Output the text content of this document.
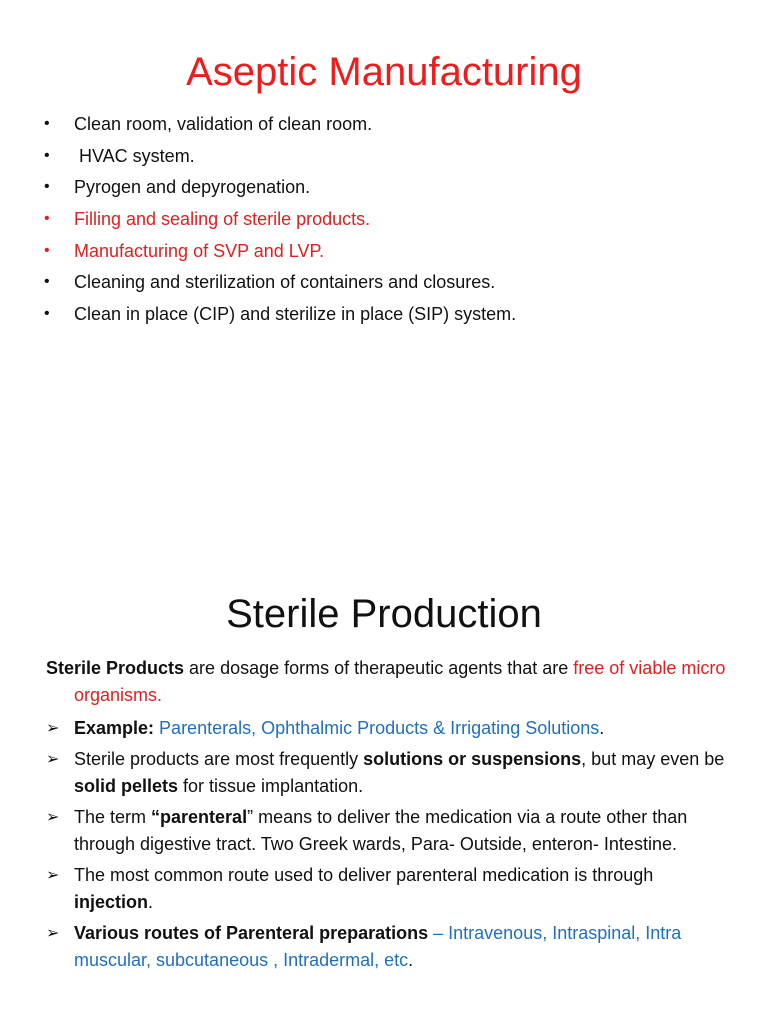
Aseptic Manufacturing
•	Clean room, validation of clean room.
•	HVAC system.
•	Pyrogen and depyrogenation.
•	Filling and sealing of sterile products.
•	Manufacturing of SVP and LVP.
•	Cleaning and sterilization of containers and closures.
•	Clean in place (CIP) and sterilize in place (SIP) system.
Sterile Production
Sterile Products are dosage forms of therapeutic agents that are free of viable micro organisms.
➢ Example: Parenterals, Ophthalmic Products & Irrigating Solutions.
➢ Sterile products are most frequently solutions or suspensions, but may even be solid pellets for tissue implantation.
➢ The term “parenteral” means to deliver the medication via a route other than through digestive tract. Two Greek wards, Para- Outside, enteron- Intestine.
➢ The most common route used to deliver parenteral medication is through injection.
➢ Various routes of Parenteral preparations – Intravenous, Intraspinal, Intra muscular, subcutaneous , Intradermal, etc.
